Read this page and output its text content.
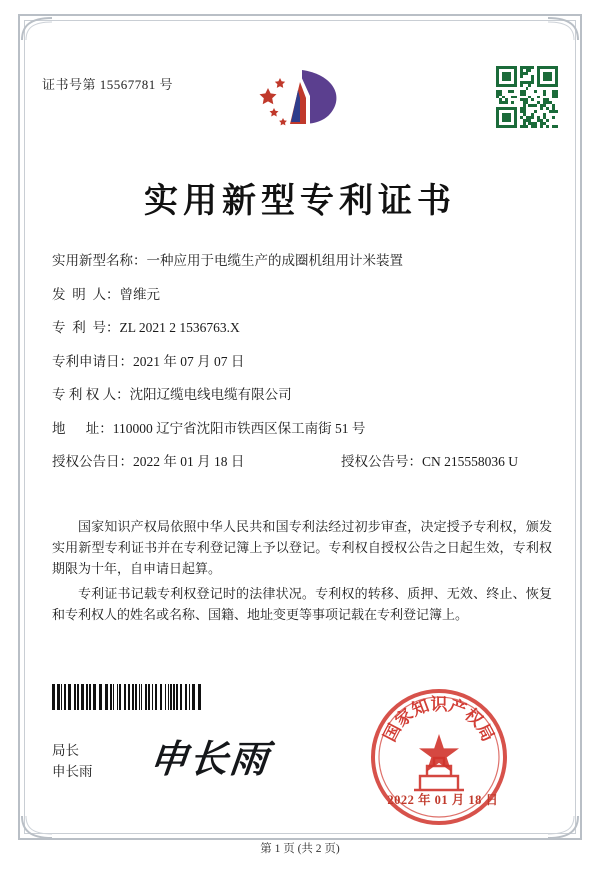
证书号第 15567781 号
实用新型专利证书
实用新型名称： 一种应用于电缆生产的成圈机组用计米装置
发  明  人： 曾维元
专  利  号： ZL 2021 2 1536763.X
专利申请日： 2021 年 07 月 07 日
专 利 权 人： 沈阳辽缆电线电缆有限公司
地      址： 110000 辽宁省沈阳市铁西区保工南街 51 号
授权公告日： 2022 年 01 月 18 日	授权公告号： CN 215558036 U

国家知识产权局依照中华人民共和国专利法经过初步审查，决定授予专利权，颁发实用新型专利证书并在专利登记簿上予以登记。专利权自授权公告之日起生效，专利权期限为十年，自申请日起算。

专利证书记载专利权登记时的法律状况。专利权的转移、质押、无效、终止、恢复和专利权人的姓名或名称、国籍、地址变更等事项记载在专利登记簿上。

局长
申长雨 申长雨
国家知识产权局
2022 年 01 月 18 日
第 1 页 (共 2 页)
